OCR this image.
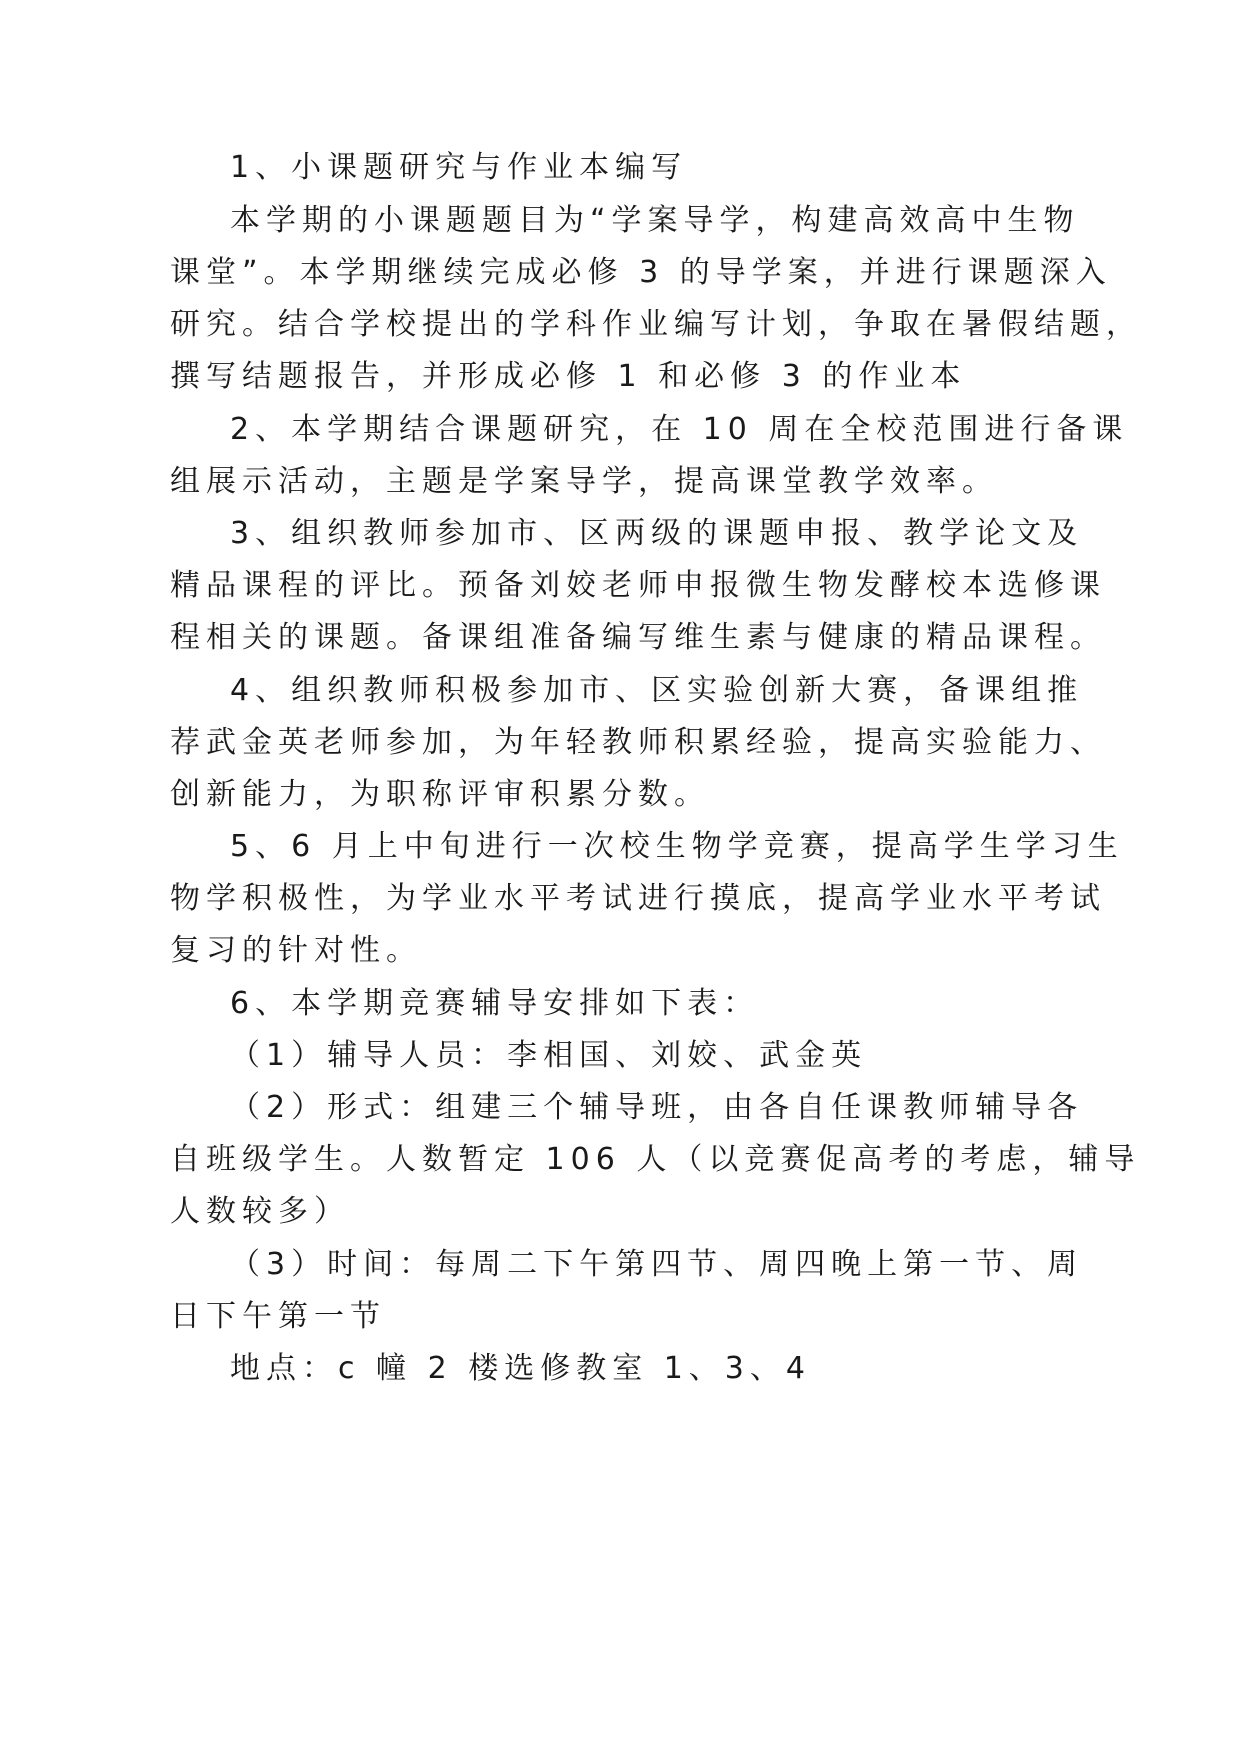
1、小课题研究与作业本编写
本学期的小课题题目为“学案导学，构建高效高中生物
课堂”。本学期继续完成必修 3 的导学案，并进行课题深入
研究。结合学校提出的学科作业编写计划，争取在暑假结题，
撰写结题报告，并形成必修 1 和必修 3 的作业本
2、本学期结合课题研究，在 10 周在全校范围进行备课
组展示活动，主题是学案导学，提高课堂教学效率。
3、组织教师参加市、区两级的课题申报、教学论文及
精品课程的评比。预备刘姣老师申报微生物发酵校本选修课
程相关的课题。备课组准备编写维生素与健康的精品课程。
4、组织教师积极参加市、区实验创新大赛，备课组推
荐武金英老师参加，为年轻教师积累经验，提高实验能力、
创新能力，为职称评审积累分数。
5、6 月上中旬进行一次校生物学竞赛，提高学生学习生
物学积极性，为学业水平考试进行摸底，提高学业水平考试
复习的针对性。
6、本学期竞赛辅导安排如下表：
（1）辅导人员：李相国、刘姣、武金英
（2）形式：组建三个辅导班，由各自任课教师辅导各
自班级学生。人数暂定 106 人（以竞赛促高考的考虑，辅导
人数较多）
（3）时间：每周二下午第四节、周四晚上第一节、周
日下午第一节
地点：c 幢 2 楼选修教室 1、3、4
